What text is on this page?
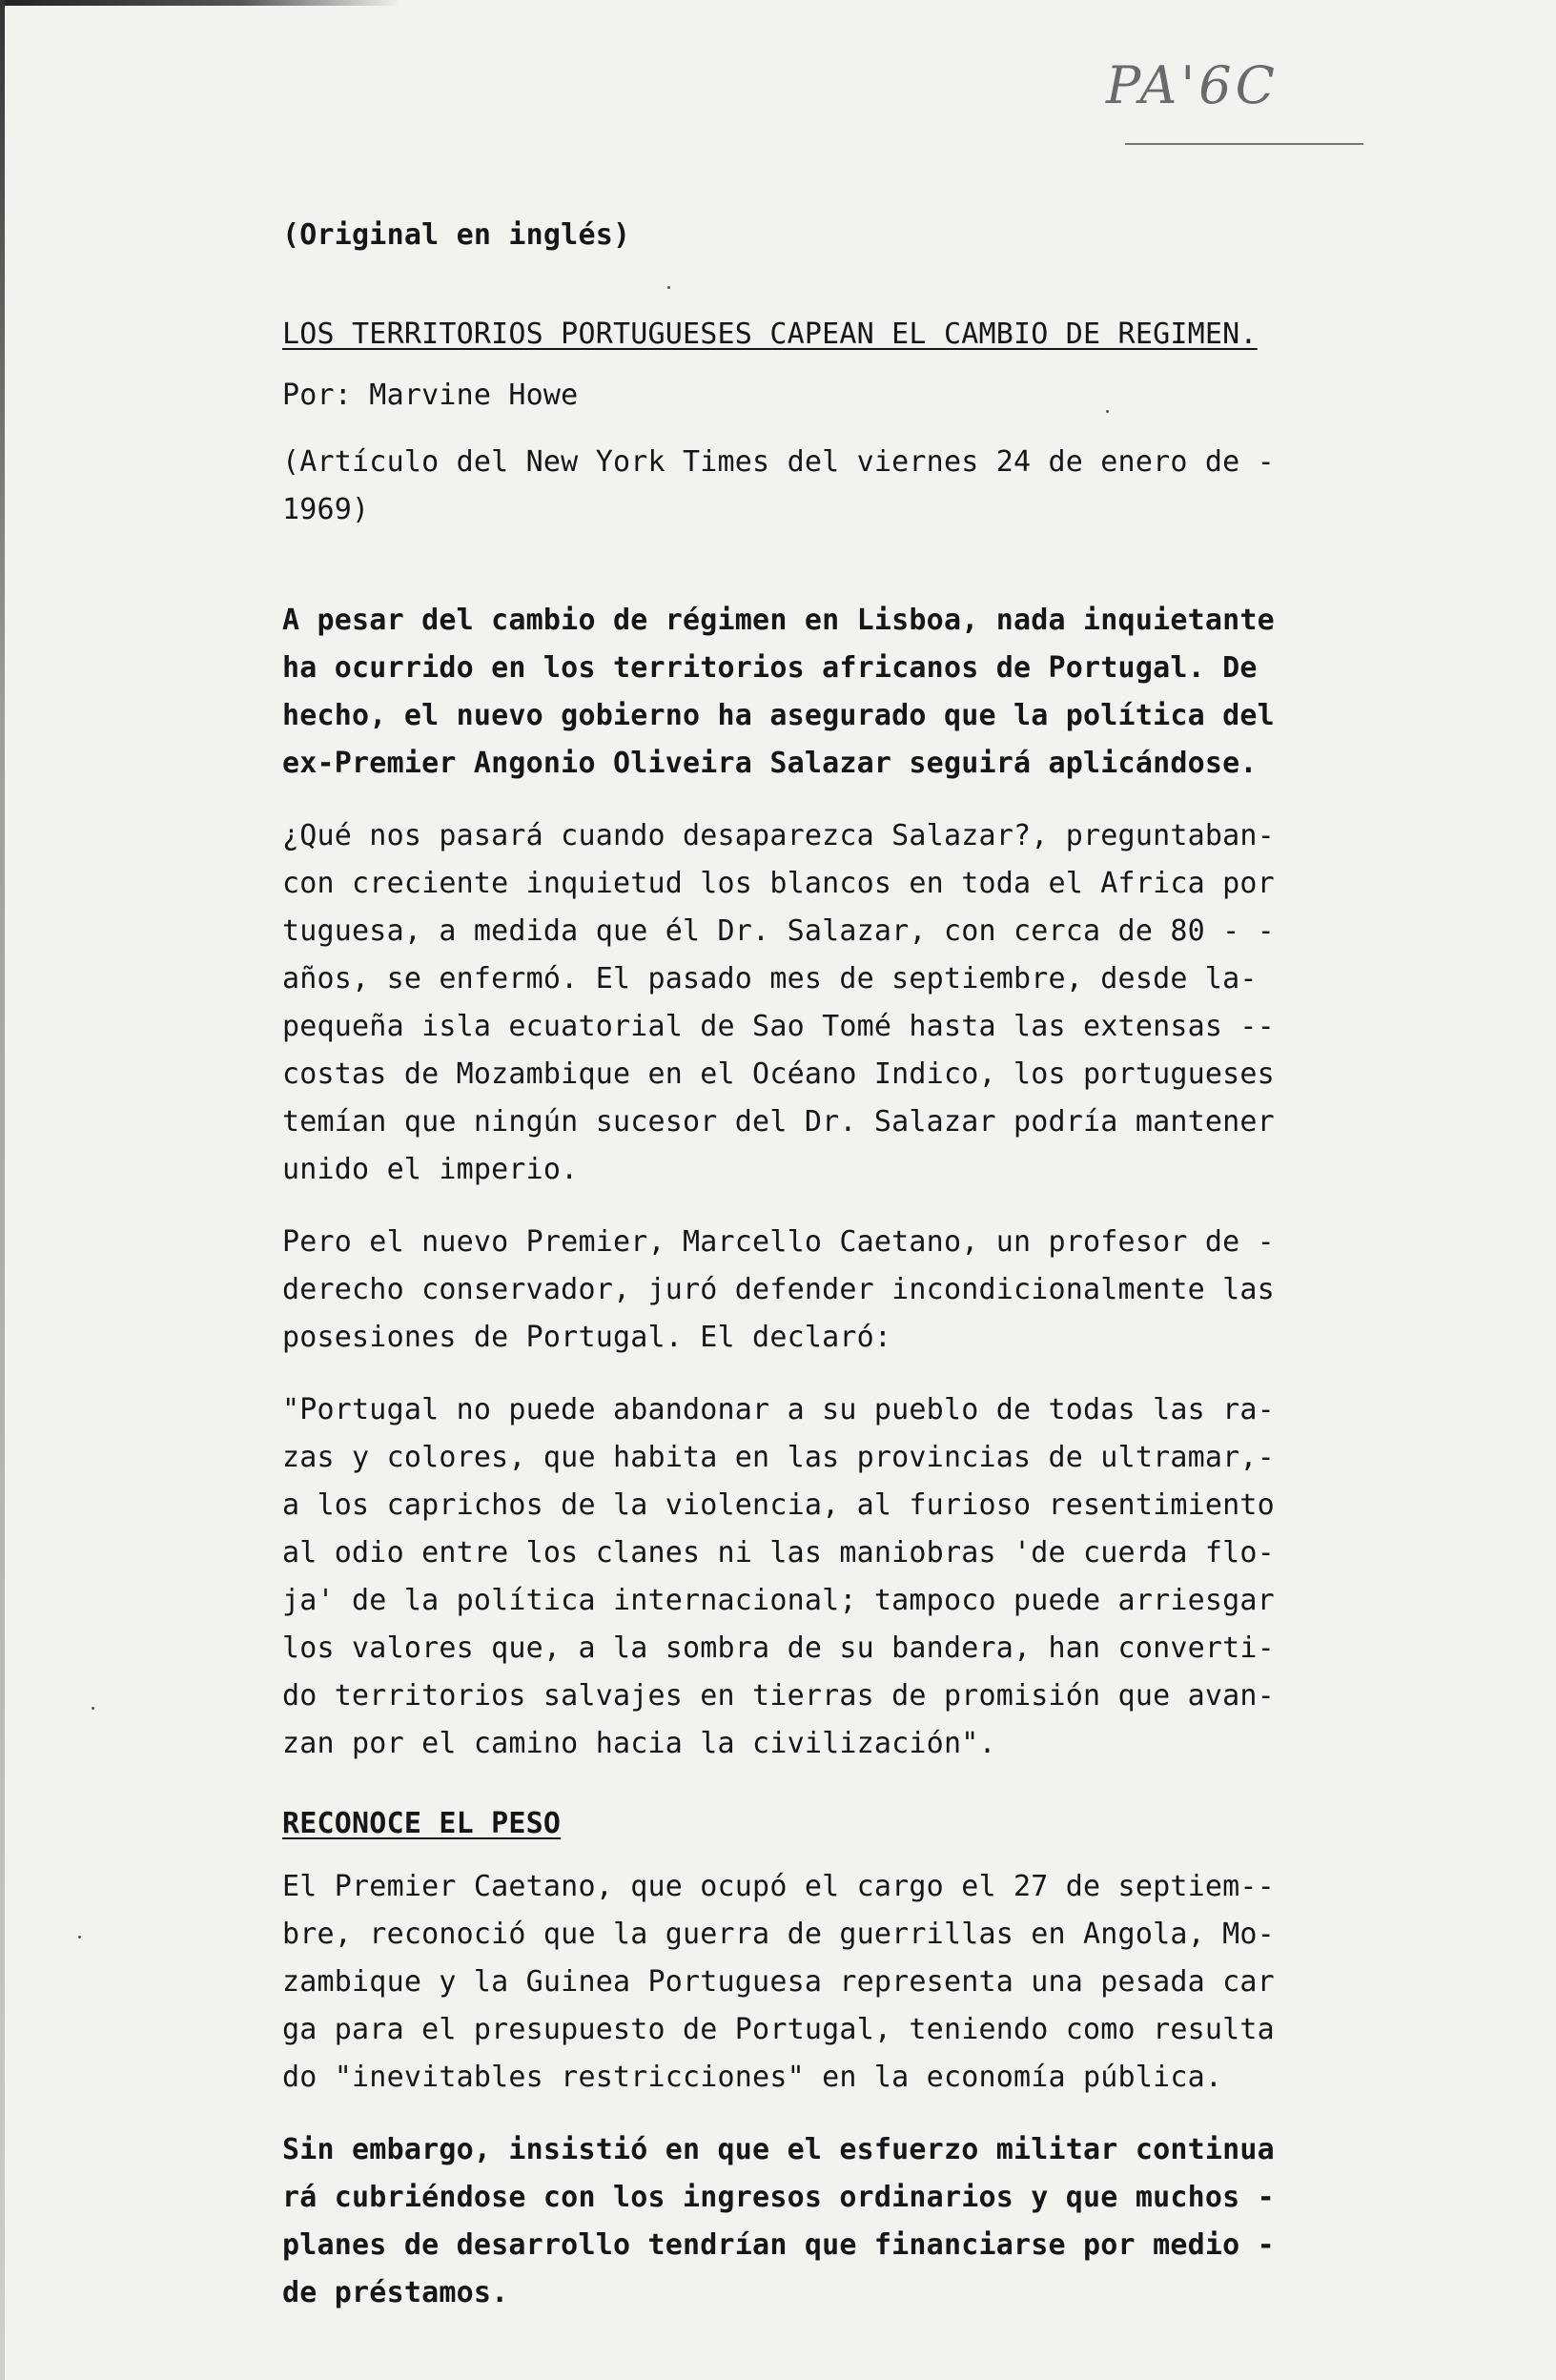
PA'6C
(Original en inglés)
LOS TERRITORIOS PORTUGUESES CAPEAN EL CAMBIO DE REGIMEN.
Por: Marvine Howe
(Artículo del New York Times del viernes 24 de enero de -
1969)
A pesar del cambio de régimen en Lisboa, nada inquietante
ha ocurrido en los territorios africanos de Portugal. De
hecho, el nuevo gobierno ha asegurado que la política del
ex-Premier Angonio Oliveira Salazar seguirá aplicándose.
¿Qué nos pasará cuando desaparezca Salazar?, preguntaban-
con creciente inquietud los blancos en toda el Africa por
tuguesa, a medida que él Dr. Salazar, con cerca de 80 - -
años, se enfermó. El pasado mes de septiembre, desde la-
pequeña isla ecuatorial de Sao Tomé hasta las extensas --
costas de Mozambique en el Océano Indico, los portugueses
temían que ningún sucesor del Dr. Salazar podría mantener
unido el imperio.
Pero el nuevo Premier, Marcello Caetano, un profesor de -
derecho conservador, juró defender incondicionalmente las
posesiones de Portugal. El declaró:
"Portugal no puede abandonar a su pueblo de todas las ra-
zas y colores, que habita en las provincias de ultramar,-
a los caprichos de la violencia, al furioso resentimiento
al odio entre los clanes ni las maniobras 'de cuerda flo-
ja' de la política internacional; tampoco puede arriesgar
los valores que, a la sombra de su bandera, han converti-
do territorios salvajes en tierras de promisión que avan-
zan por el camino hacia la civilización".
RECONOCE EL PESO
El Premier Caetano, que ocupó el cargo el 27 de septiem--
bre, reconoció que la guerra de guerrillas en Angola, Mo-
zambique y la Guinea Portuguesa representa una pesada car
ga para el presupuesto de Portugal, teniendo como resulta
do "inevitables restricciones" en la economía pública.
Sin embargo, insistió en que el esfuerzo militar continua
rá cubriéndose con los ingresos ordinarios y que muchos -
planes de desarrollo tendrían que financiarse por medio -
de préstamos.
